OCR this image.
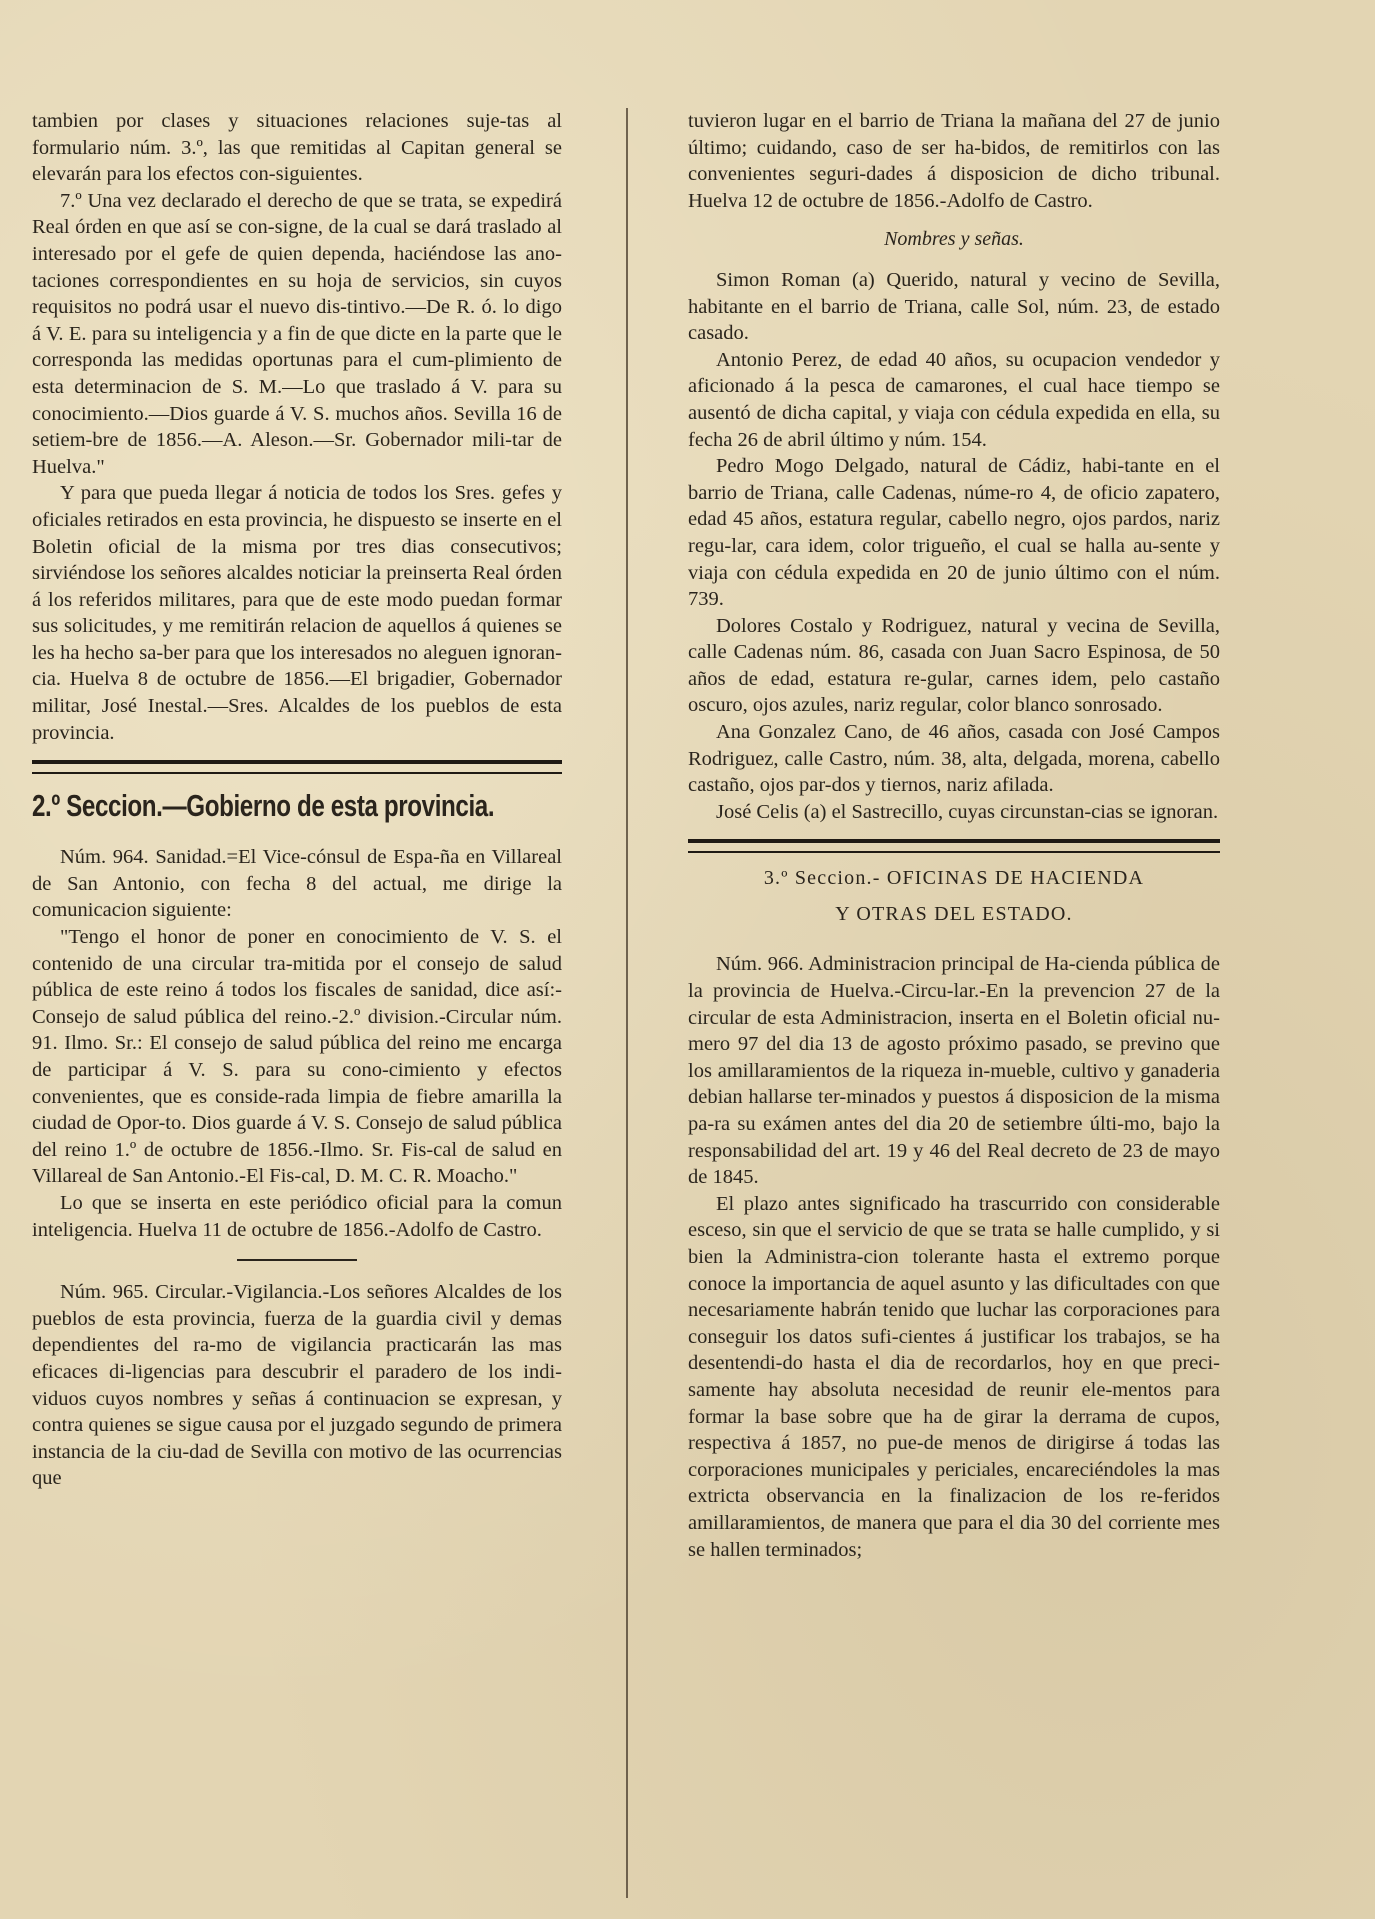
tambien por clases y situaciones relaciones suje-tas al formulario núm. 3.º, las que remitidas al Capitan general se elevarán para los efectos con-siguientes.

7.º Una vez declarado el derecho de que se trata, se expedirá Real órden en que así se con-signe, de la cual se dará traslado al interesado por el gefe de quien dependa, haciéndose las ano-taciones correspondientes en su hoja de servicios, sin cuyos requisitos no podrá usar el nuevo dis-tintivo.—De R. ó. lo digo á V. E. para su inteligencia y a fin de que dicte en la parte que le corresponda las medidas oportunas para el cum-plimiento de esta determinacion de S. M.—Lo que traslado á V. para su conocimiento.—Dios guarde á V. S. muchos años. Sevilla 16 de setiem-bre de 1856.—A. Aleson.—Sr. Gobernador mili-tar de Huelva."

Y para que pueda llegar á noticia de todos los Sres. gefes y oficiales retirados en esta provincia, he dispuesto se inserte en el Boletin oficial de la misma por tres dias consecutivos; sirviéndose los señores alcaldes noticiar la preinserta Real órden á los referidos militares, para que de este modo puedan formar sus solicitudes, y me remitirán relacion de aquellos á quienes se les ha hecho sa-ber para que los interesados no aleguen ignoran-cia. Huelva 8 de octubre de 1856.—El brigadier, Gobernador militar, José Inestal.—Sres. Alcaldes de los pueblos de esta provincia.

2.º Seccion.—Gobierno de esta provincia.

Núm. 964. Sanidad.=El Vice-cónsul de Espa-ña en Villareal de San Antonio, con fecha 8 del actual, me dirige la comunicacion siguiente:

"Tengo el honor de poner en conocimiento de V. S. el contenido de una circular tra-mitida por el consejo de salud pública de este reino á todos los fiscales de sanidad, dice así:-Consejo de salud pública del reino.-2.º division.-Circular núm. 91. Ilmo. Sr.: El consejo de salud pública del reino me encarga de participar á V. S. para su cono-cimiento y efectos convenientes, que es conside-rada limpia de fiebre amarilla la ciudad de Opor-to. Dios guarde á V. S. Consejo de salud pública del reino 1.º de octubre de 1856.-Ilmo. Sr. Fis-cal de salud en Villareal de San Antonio.-El Fis-cal, D. M. C. R. Moacho."

Lo que se inserta en este periódico oficial para la comun inteligencia. Huelva 11 de octubre de 1856.-Adolfo de Castro.

Núm. 965. Circular.-Vigilancia.-Los señores Alcaldes de los pueblos de esta provincia, fuerza de la guardia civil y demas dependientes del ra-mo de vigilancia practicarán las mas eficaces di-ligencias para descubrir el paradero de los indi-viduos cuyos nombres y señas á continuacion se expresan, y contra quienes se sigue causa por el juzgado segundo de primera instancia de la ciu-dad de Sevilla con motivo de las ocurrencias que

tuvieron lugar en el barrio de Triana la mañana del 27 de junio último; cuidando, caso de ser ha-bidos, de remitirlos con las convenientes seguri-dades á disposicion de dicho tribunal. Huelva 12 de octubre de 1856.-Adolfo de Castro.

Nombres y señas.

Simon Roman (a) Querido, natural y vecino de Sevilla, habitante en el barrio de Triana, calle Sol, núm. 23, de estado casado.

Antonio Perez, de edad 40 años, su ocupacion vendedor y aficionado á la pesca de camarones, el cual hace tiempo se ausentó de dicha capital, y viaja con cédula expedida en ella, su fecha 26 de abril último y núm. 154.

Pedro Mogo Delgado, natural de Cádiz, habi-tante en el barrio de Triana, calle Cadenas, núme-ro 4, de oficio zapatero, edad 45 años, estatura regular, cabello negro, ojos pardos, nariz regu-lar, cara idem, color trigueño, el cual se halla au-sente y viaja con cédula expedida en 20 de junio último con el núm. 739.

Dolores Costalo y Rodriguez, natural y vecina de Sevilla, calle Cadenas núm. 86, casada con Juan Sacro Espinosa, de 50 años de edad, estatura re-gular, carnes idem, pelo castaño oscuro, ojos azules, nariz regular, color blanco sonrosado.

Ana Gonzalez Cano, de 46 años, casada con José Campos Rodriguez, calle Castro, núm. 38, alta, delgada, morena, cabello castaño, ojos par-dos y tiernos, nariz afilada.

José Celis (a) el Sastrecillo, cuyas circunstan-cias se ignoran.

3.º Seccion.- OFICINAS DE HACIENDA
Y OTRAS DEL ESTADO.

Núm. 966. Administracion principal de Ha-cienda pública de la provincia de Huelva.-Circu-lar.-En la prevencion 27 de la circular de esta Administracion, inserta en el Boletin oficial nu-mero 97 del dia 13 de agosto próximo pasado, se previno que los amillaramientos de la riqueza in-mueble, cultivo y ganaderia debian hallarse ter-minados y puestos á disposicion de la misma pa-ra su exámen antes del dia 20 de setiembre últi-mo, bajo la responsabilidad del art. 19 y 46 del Real decreto de 23 de mayo de 1845.

El plazo antes significado ha trascurrido con considerable esceso, sin que el servicio de que se trata se halle cumplido, y si bien la Administra-cion tolerante hasta el extremo porque conoce la importancia de aquel asunto y las dificultades con que necesariamente habrán tenido que luchar las corporaciones para conseguir los datos sufi-cientes á justificar los trabajos, se ha desentendi-do hasta el dia de recordarlos, hoy en que preci-samente hay absoluta necesidad de reunir ele-mentos para formar la base sobre que ha de girar la derrama de cupos, respectiva á 1857, no pue-de menos de dirigirse á todas las corporaciones municipales y periciales, encareciéndoles la mas extricta observancia en la finalizacion de los re-feridos amillaramientos, de manera que para el dia 30 del corriente mes se hallen terminados;
